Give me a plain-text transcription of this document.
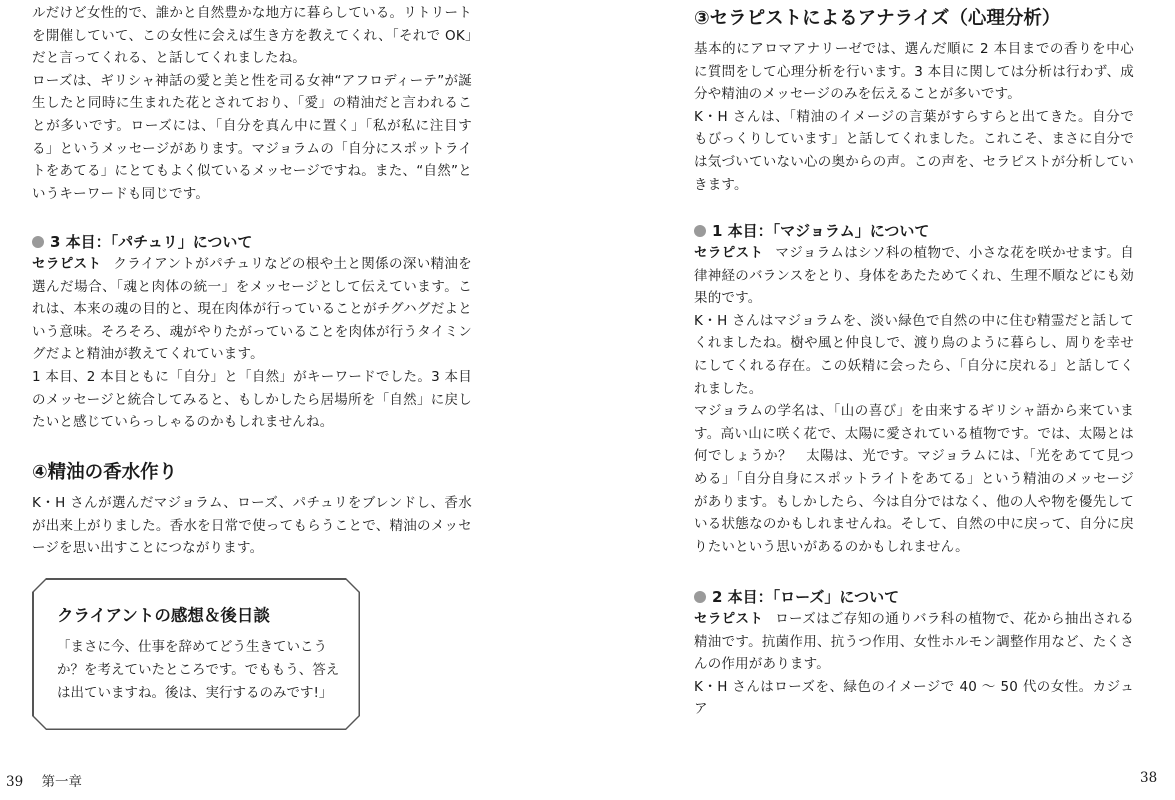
ルだけど女性的で、誰かと自然豊かな地方に暮らしている。リトリートを開催していて、この女性に会えば生き方を教えてくれ、「それで OK」だと言ってくれる、と話してくれましたね。

ローズは、ギリシャ神話の愛と美と性を司る女神“アフロディーテ”が誕生したと同時に生まれた花とされており、「愛」の精油だと言われることが多いです。ローズには、「自分を真ん中に置く」「私が私に注目する」というメッセージがあります。マジョラムの「自分にスポットライトをあてる」にとてもよく似ているメッセージですね。また、“自然”というキーワードも同じです。

3 本目：「パチュリ」について

セラピスト クライアントがパチュリなどの根や土と関係の深い精油を選んだ場合、「魂と肉体の統一」をメッセージとして伝えています。これは、本来の魂の目的と、現在肉体が行っていることがチグハグだよという意味。そろそろ、魂がやりたがっていることを肉体が行うタイミングだよと精油が教えてくれています。

1 本目、2 本目ともに「自分」と「自然」がキーワードでした。3 本目のメッセージと統合してみると、もしかしたら居場所を「自然」に戻したいと感じていらっしゃるのかもしれませんね。

④精油の香水作り

K・H さんが選んだマジョラム、ローズ、パチュリをブレンドし、香水が出来上がりました。香水を日常で使ってもらうことで、精油のメッセージを思い出すことにつながります。

クライアントの感想＆後日談

「まさに今、仕事を辞めてどう生きていこうか？を考えていたところです。でももう、答えは出ていますね。後は、実行するのみです!」

39 第一章
③セラピストによるアナライズ（心理分析）

基本的にアロマアナリーゼでは、選んだ順に 2 本目までの香りを中心に質問をして心理分析を行います。3 本目に関しては分析は行わず、成分や精油のメッセージのみを伝えることが多いです。

K・H さんは、「精油のイメージの言葉がすらすらと出てきた。自分でもびっくりしています」と話してくれました。これこそ、まさに自分では気づいていない心の奥からの声。この声を、セラピストが分析していきます。

1 本目：「マジョラム」について

セラピスト マジョラムはシソ科の植物で、小さな花を咲かせます。自律神経のバランスをとり、身体をあたためてくれ、生理不順などにも効果的です。

K・H さんはマジョラムを、淡い緑色で自然の中に住む精霊だと話してくれましたね。樹や風と仲良しで、渡り鳥のように暮らし、周りを幸せにしてくれる存在。この妖精に会ったら、「自分に戻れる」と話してくれました。

マジョラムの学名は、「山の喜び」を由来するギリシャ語から来ています。高い山に咲く花で、太陽に愛されている植物です。では、太陽とは何でしょうか？　太陽は、光です。マジョラムには、「光をあてて見つめる」「自分自身にスポットライトをあてる」という精油のメッセージがあります。もしかしたら、今は自分ではなく、他の人や物を優先している状態なのかもしれませんね。そして、自然の中に戻って、自分に戻りたいという思いがあるのかもしれません。

2 本目：「ローズ」について

セラピスト ローズはご存知の通りバラ科の植物で、花から抽出される精油です。抗菌作用、抗うつ作用、女性ホルモン調整作用など、たくさんの作用があります。

K・H さんはローズを、緑色のイメージで 40 ～ 50 代の女性。カジュア

38
